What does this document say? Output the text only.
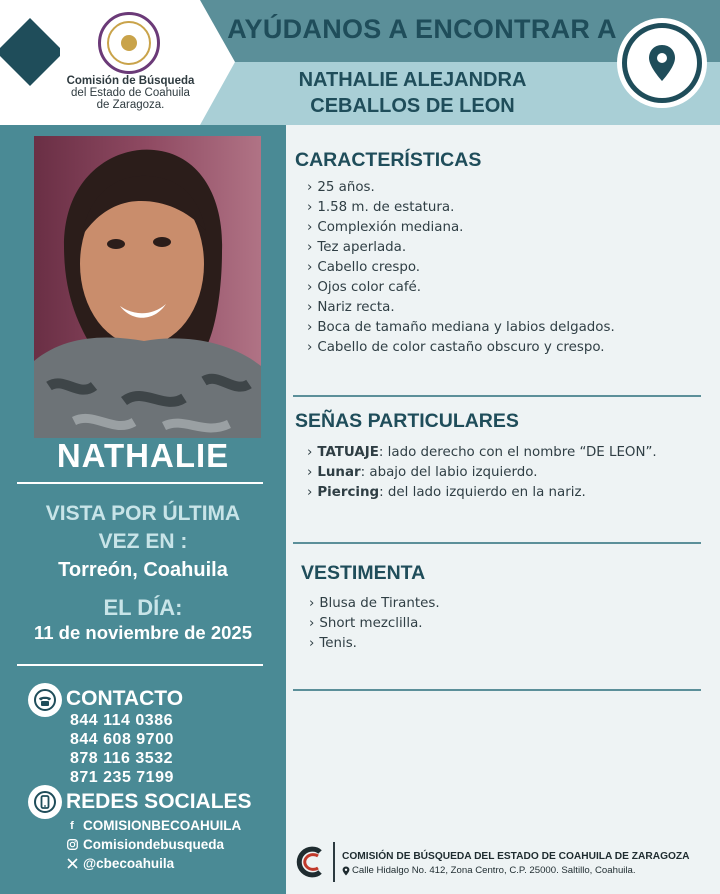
Comisión de Búsqueda
del Estado de Coahuila
de Zaragoza.
AYÚDANOS A ENCONTRAR A
NATHALIE ALEJANDRA
CEBALLOS DE LEON
NATHALIE
VISTA POR ÚLTIMA
VEZ EN :
Torreón, Coahuila
EL DÍA:
11 de noviembre de 2025
CONTACTO
844 114 0386
844 608 9700
878 116 3532
871 235 7199
REDES SOCIALES
f COMISIONBECOAHUILA
Comisiondebusqueda
@cbecoahuila
CARACTERÍSTICAS
› 25 años.
› 1.58 m. de estatura.
› Complexión mediana.
› Tez aperlada.
› Cabello crespo.
› Ojos color café.
› Nariz recta.
› Boca de tamaño mediana y labios delgados.
› Cabello de color castaño obscuro y crespo.
SEÑAS PARTICULARES
› TATUAJE: lado derecho con el nombre “DE LEON”.
› Lunar: abajo del labio izquierdo.
› Piercing: del lado izquierdo en la nariz.
VESTIMENTA
› Blusa de Tirantes.
› Short mezclilla.
› Tenis.
COMISIÓN DE BÚSQUEDA DEL ESTADO DE COAHUILA DE ZARAGOZA
Calle Hidalgo No. 412, Zona Centro, C.P. 25000. Saltillo, Coahuila.
